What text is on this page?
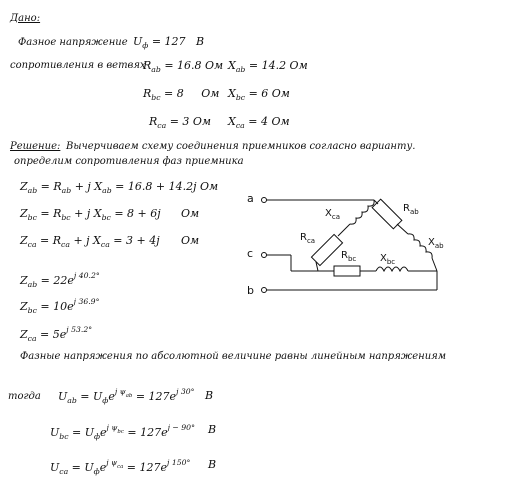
Дано:
Фазное напряжение $U_ф = 127$ В
сопротивления в ветвях
$R_{ab} = 16.8$ Ом $X_{ab} = 14.2$ Ом
$R_{bc} = 8$ Ом $X_{bc} = 6$ Ом
$R_{ca} = 3$ Ом $X_{ca} = 4$ Ом
Решение: Вычерчиваем схему соединения приемников согласно варианту.
определим сопротивления фаз приемника
$Z_{ab} = R_{ab} + j$ $X_{ab} = 16.8 + 14.2j$ Ом
$Z_{bc} = R_{bc} + j$ $X_{bc} = 8 + 6j$ Ом
$Z_{ca} = R_{ca} + j$ $X_{ca} = 3 + 4j$ Ом
$Z_{ab} = 22e^{j 40.2^\circ}$
$Z_{bc} = 10e^{j 36.9^\circ}$
$Z_{ca} = 5e^{j 53.2^\circ}$
Фазные напряжения по абсолютной величине равны линейным напряжениям
тогда $U_{ab} = U_фe^{j \psi_{ab}} = 127e^{j 30^\circ}$ В
$U_{bc} = U_фe^{j \psi_{bc}} = 127e^{j - 90^\circ}$ В
$U_{ca} = U_фe^{j \psi_{ca}} = 127e^{j 150^\circ}$ В
a
c
b
$R_{ab}$
$X_{ab}$
$X_{ca}$
$R_{ca}$
$R_{bc}$ $X_{bc}$
